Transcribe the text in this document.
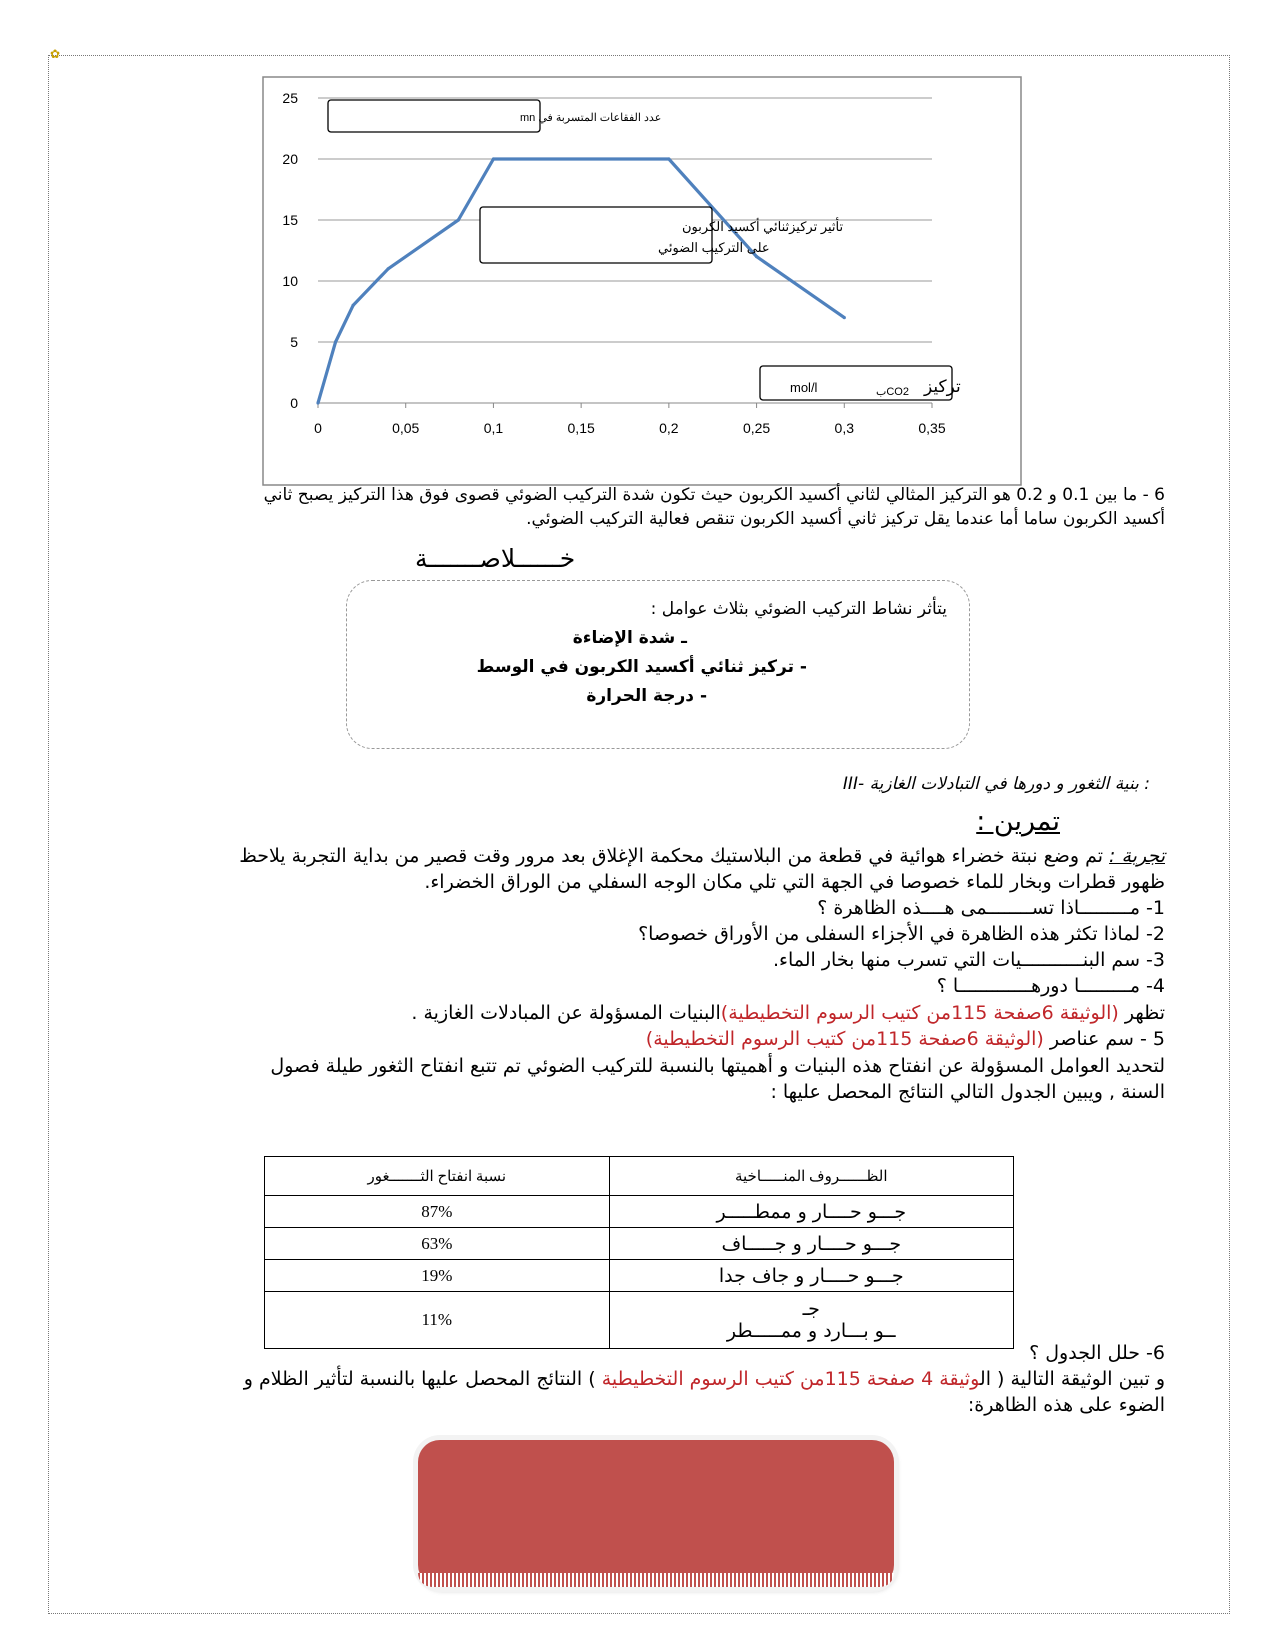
✿
0
5
10
15
20
25
0	0,05	0,1	0,15	0,2	0,25	0,3	0,35
عدد الفقاعات المتسربة في mn
تأثير تركيزثنائي أكسيد الكربون
على التركيب الضوئي
mol/l	CO2ب تركيز
6 - ما بين 0.1 و 0.2 هو التركيز المثالي لثاني أكسيد الكربون حيث تكون شدة التركيب الضوئي قصوى فوق هذا التركيز يصبح ثاني
أكسيد الكربون ساما أما عندما يقل تركيز ثاني أكسيد الكربون تنقص فعالية التركيب الضوئي.
خــــــلاصـــــــة
يتأثر نشاط التركيب الضوئي بثلاث عوامل :
ـ شدة الإضاءة
- تركيز ثنائي أكسيد الكربون في الوسط
- درجة الحرارة
III- بنية الثغور و دورها في التبادلات الغازية :
تمرين :
تجربة : تم وضع نبتة خضراء هوائية في قطعة من البلاستيك محكمة الإغلاق بعد مرور وقت قصير من بداية التجربة يلاحظ
ظهور قطرات وبخار للماء خصوصا في الجهة التي تلي مكان الوجه السفلي من الوراق الخضراء.
1- مـــــــــاذا تســــــــمى هــــذه الظاهرة ؟
2- لماذا تكثر هذه الظاهرة في الأجزاء السفلى من الأوراق خصوصا؟
3- سم البنـــــــــــيات التي تسرب منها بخار الماء.
4- مـــــــــا دورهـــــــــــــا ؟
تظهر (الوثيقة 6صفحة 115من كتيب الرسوم التخطيطية)البنيات المسؤولة عن المبادلات الغازية .
5 - سم عناصر (الوثيقة 6صفحة 115من كتيب الرسوم التخطيطية)
لتحديد العوامل المسؤولة عن انفتاح هذه البنيات و أهميتها بالنسبة للتركيب الضوئي تم تتبع انفتاح الثغور طيلة فصول
السنة , ويبين الجدول التالي النتائج المحصل عليها :
الظــــــروف المنـــــاخية	نسبة انفتاح الثـــــــغور
جـــو حــــار و ممطـــــر	87%
جـــو حــــار و جـــــاف	63%
جـــو حــــار و جاف جدا	19%

جـ
ــو بـــارد و ممـــــطر	11%
6- حلل الجدول ؟
و تبين الوثيقة التالية ( الوثيقة 4 صفحة 115من كتيب الرسوم التخطيطية ) النتائج المحصل عليها بالنسبة لتأثير الظلام و
الضوء على هذه الظاهرة:
